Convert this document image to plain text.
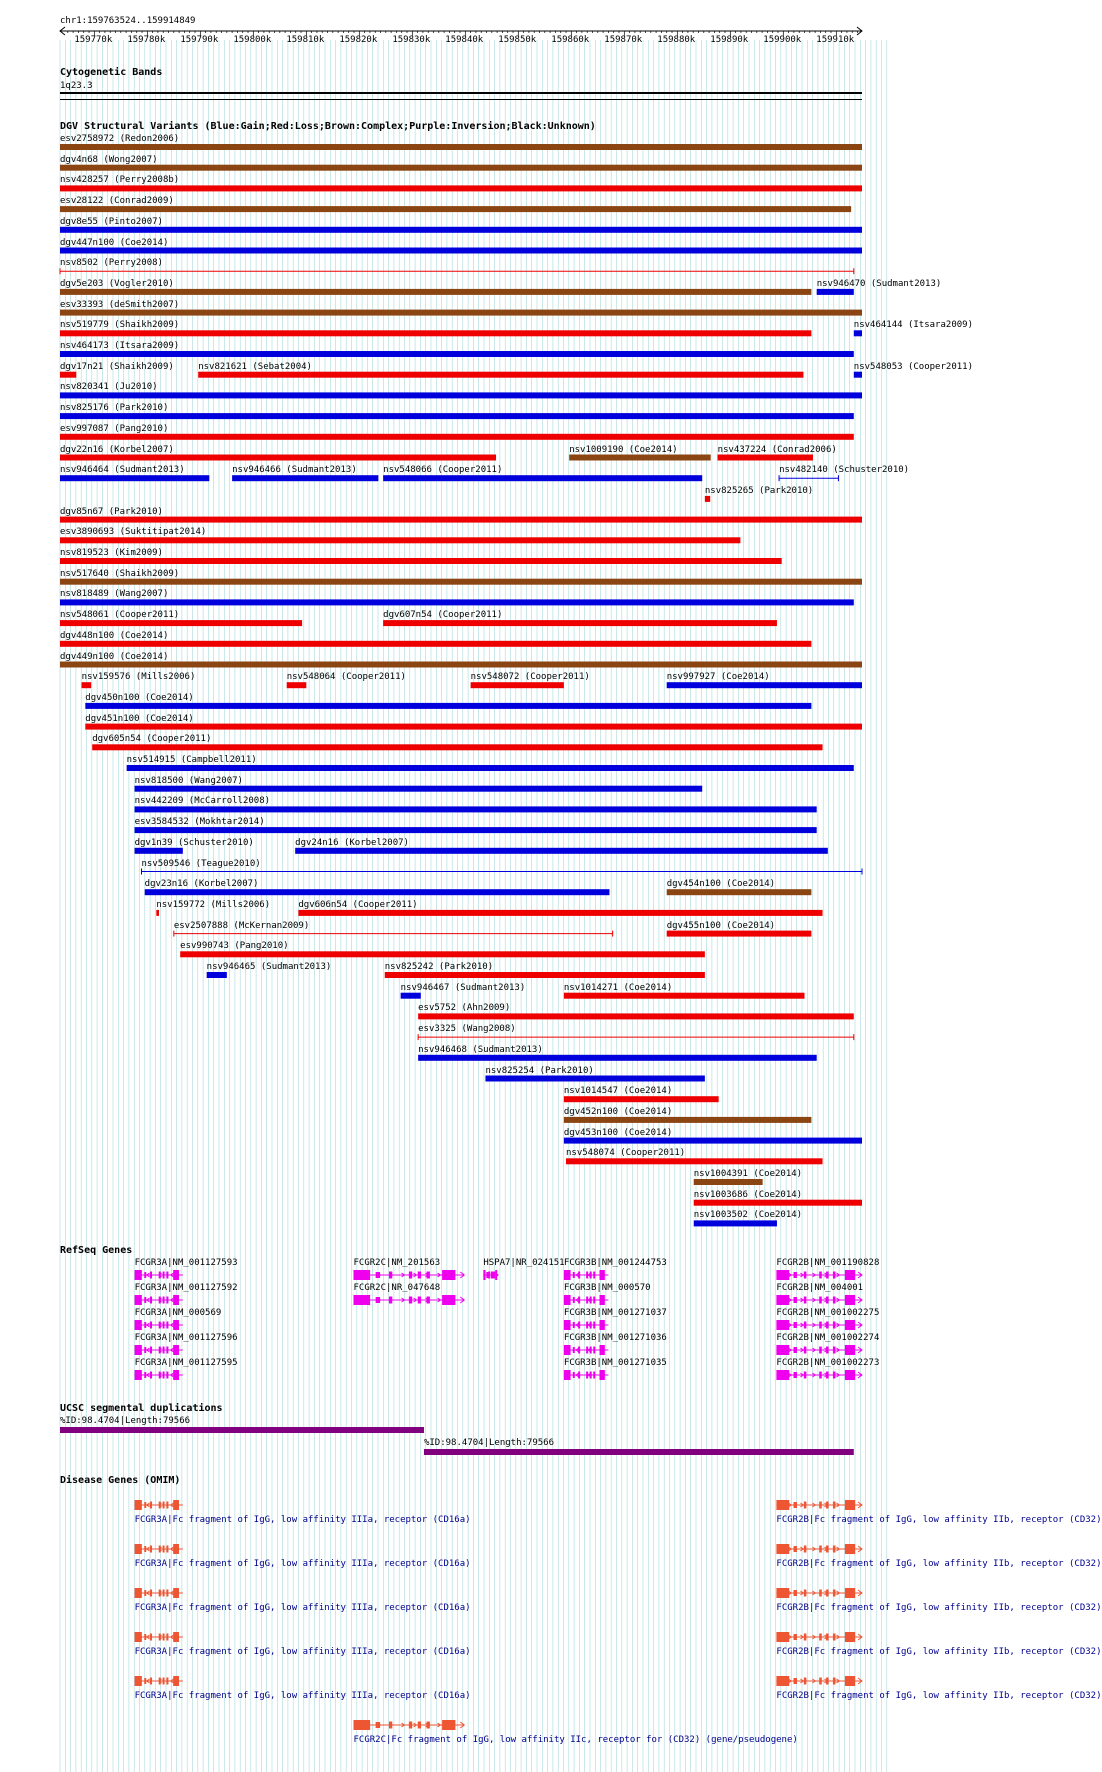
chr1:159763524..159914849
159770k 159780k 159790k 159800k 159810k 159820k 159830k 159840k 159850k 159860k 159870k 159880k 159890k 159900k 159910k
Cytogenetic Bands
1q23.3
DGV Structural Variants (Blue:Gain;Red:Loss;Brown:Complex;Purple:Inversion;Black:Unknown)
esv2758972 (Redon2006)
dgv4n68 (Wong2007)
nsv428257 (Perry2008b)
esv28122 (Conrad2009)
dgv8e55 (Pinto2007)
dgv447n100 (Coe2014)
nsv8502 (Perry2008)
dgv5e203 (Vogler2010)	nsv946470 (Sudmant2013)
esv33393 (deSmith2007)
nsv519779 (Shaikh2009)	nsv464144 (Itsara2009)
nsv464173 (Itsara2009)
dgv17n21 (Shaikh2009)	nsv821621 (Sebat2004)	nsv548053 (Cooper2011)
nsv820341 (Ju2010)
nsv825176 (Park2010)
esv997087 (Pang2010)
dgv22n16 (Korbel2007)	nsv1009190 (Coe2014)	nsv437224 (Conrad2006)
nsv946464 (Sudmant2013)	nsv946466 (Sudmant2013)	nsv548066 (Cooper2011)
nsv825265 (Park2010)
dgv85n67 (Park2010)
esv3890693 (Suktitipat2014)
nsv482140 (Schuster2010)
nsv819523 (Kim2009)
nsv517640 (Shaikh2009)
nsv818489 (Wang2007)
nsv548061 (Cooper2011)	dgv607n54 (Cooper2011)
dgv448n100 (Coe2014)
dgv449n100 (Coe2014)
nsv159576 (Mills2006)	nsv548064 (Cooper2011)	nsv548072 (Cooper2011)	nsv997927 (Coe2014)
dgv450n100 (Coe2014)
dgv451n100 (Coe2014)
dgv605n54 (Cooper2011)
nsv514915 (Campbell2011)
nsv818500 (Wang2007)
nsv442209 (McCarroll2008)
esv3584532 (Mokhtar2014)
dgv1n39 (Schuster2010)	dgv24n16 (Korbel2007)
nsv509546 (Teague2010)
dgv23n16 (Korbel2007)	dgv454n100 (Coe2014)
nsv159772 (Mills2006)	dgv606n54 (Cooper2011)
esv2507888 (McKernan2009)	dgv455n100 (Coe2014)
esv990743 (Pang2010)
nsv946465 (Sudmant2013)	nsv825242 (Park2010)
nsv946467 (Sudmant2013)	nsv1014271 (Coe2014)
esv5752 (Ahn2009)
esv3325 (Wang2008)
nsv946468 (Sudmant2013)
nsv825254 (Park2010)
nsv1014547 (Coe2014)
dgv452n100 (Coe2014)
dgv453n100 (Coe2014)
nsv548074 (Cooper2011)
nsv1004391 (Coe2014)
nsv1003686 (Coe2014)
nsv1003502 (Coe2014)
RefSeq Genes
FCGR3A|NM_001127593
FCGR3A|NM_001127592
FCGR3A|NM_000569
FCGR3A|NM_001127596
FCGR3A|NM_001127595
FCGR2C|NM_201563
FCGR2C|NR_047648
HSPA7|NR_024151 FCGR3B|NM_001244753
FCGR3B|NM_000570
FCGR3B|NM_001271037
FCGR3B|NM_001271036
FCGR3B|NM_001271035
FCGR2B|NM_001190828
FCGR2B|NM_004001
FCGR2B|NM_001002275
FCGR2B|NM_001002274
FCGR2B|NM_001002273
UCSC segmental duplications
%ID:98.4704|Length:79566
%ID:98.4704|Length:79566
Disease Genes (OMIM)
FCGR3A|Fc fragment of IgG, low affinity IIIa, receptor (CD16a)
FCGR3A|Fc fragment of IgG, low affinity IIIa, receptor (CD16a)
FCGR3A|Fc fragment of IgG, low affinity IIIa, receptor (CD16a)
FCGR3A|Fc fragment of IgG, low affinity IIIa, receptor (CD16a)
FCGR3A|Fc fragment of IgG, low affinity IIIa, receptor (CD16a)
FCGR2B|Fc fragment of IgG, low affinity IIb, receptor (CD32)
FCGR2B|Fc fragment of IgG, low affinity IIb, receptor (CD32)
FCGR2B|Fc fragment of IgG, low affinity IIb, receptor (CD32)
FCGR2B|Fc fragment of IgG, low affinity IIb, receptor (CD32)
FCGR2B|Fc fragment of IgG, low affinity IIb, receptor (CD32)
FCGR2C|Fc fragment of IgG, low affinity IIc, receptor for (CD32) (gene/pseudogene)
